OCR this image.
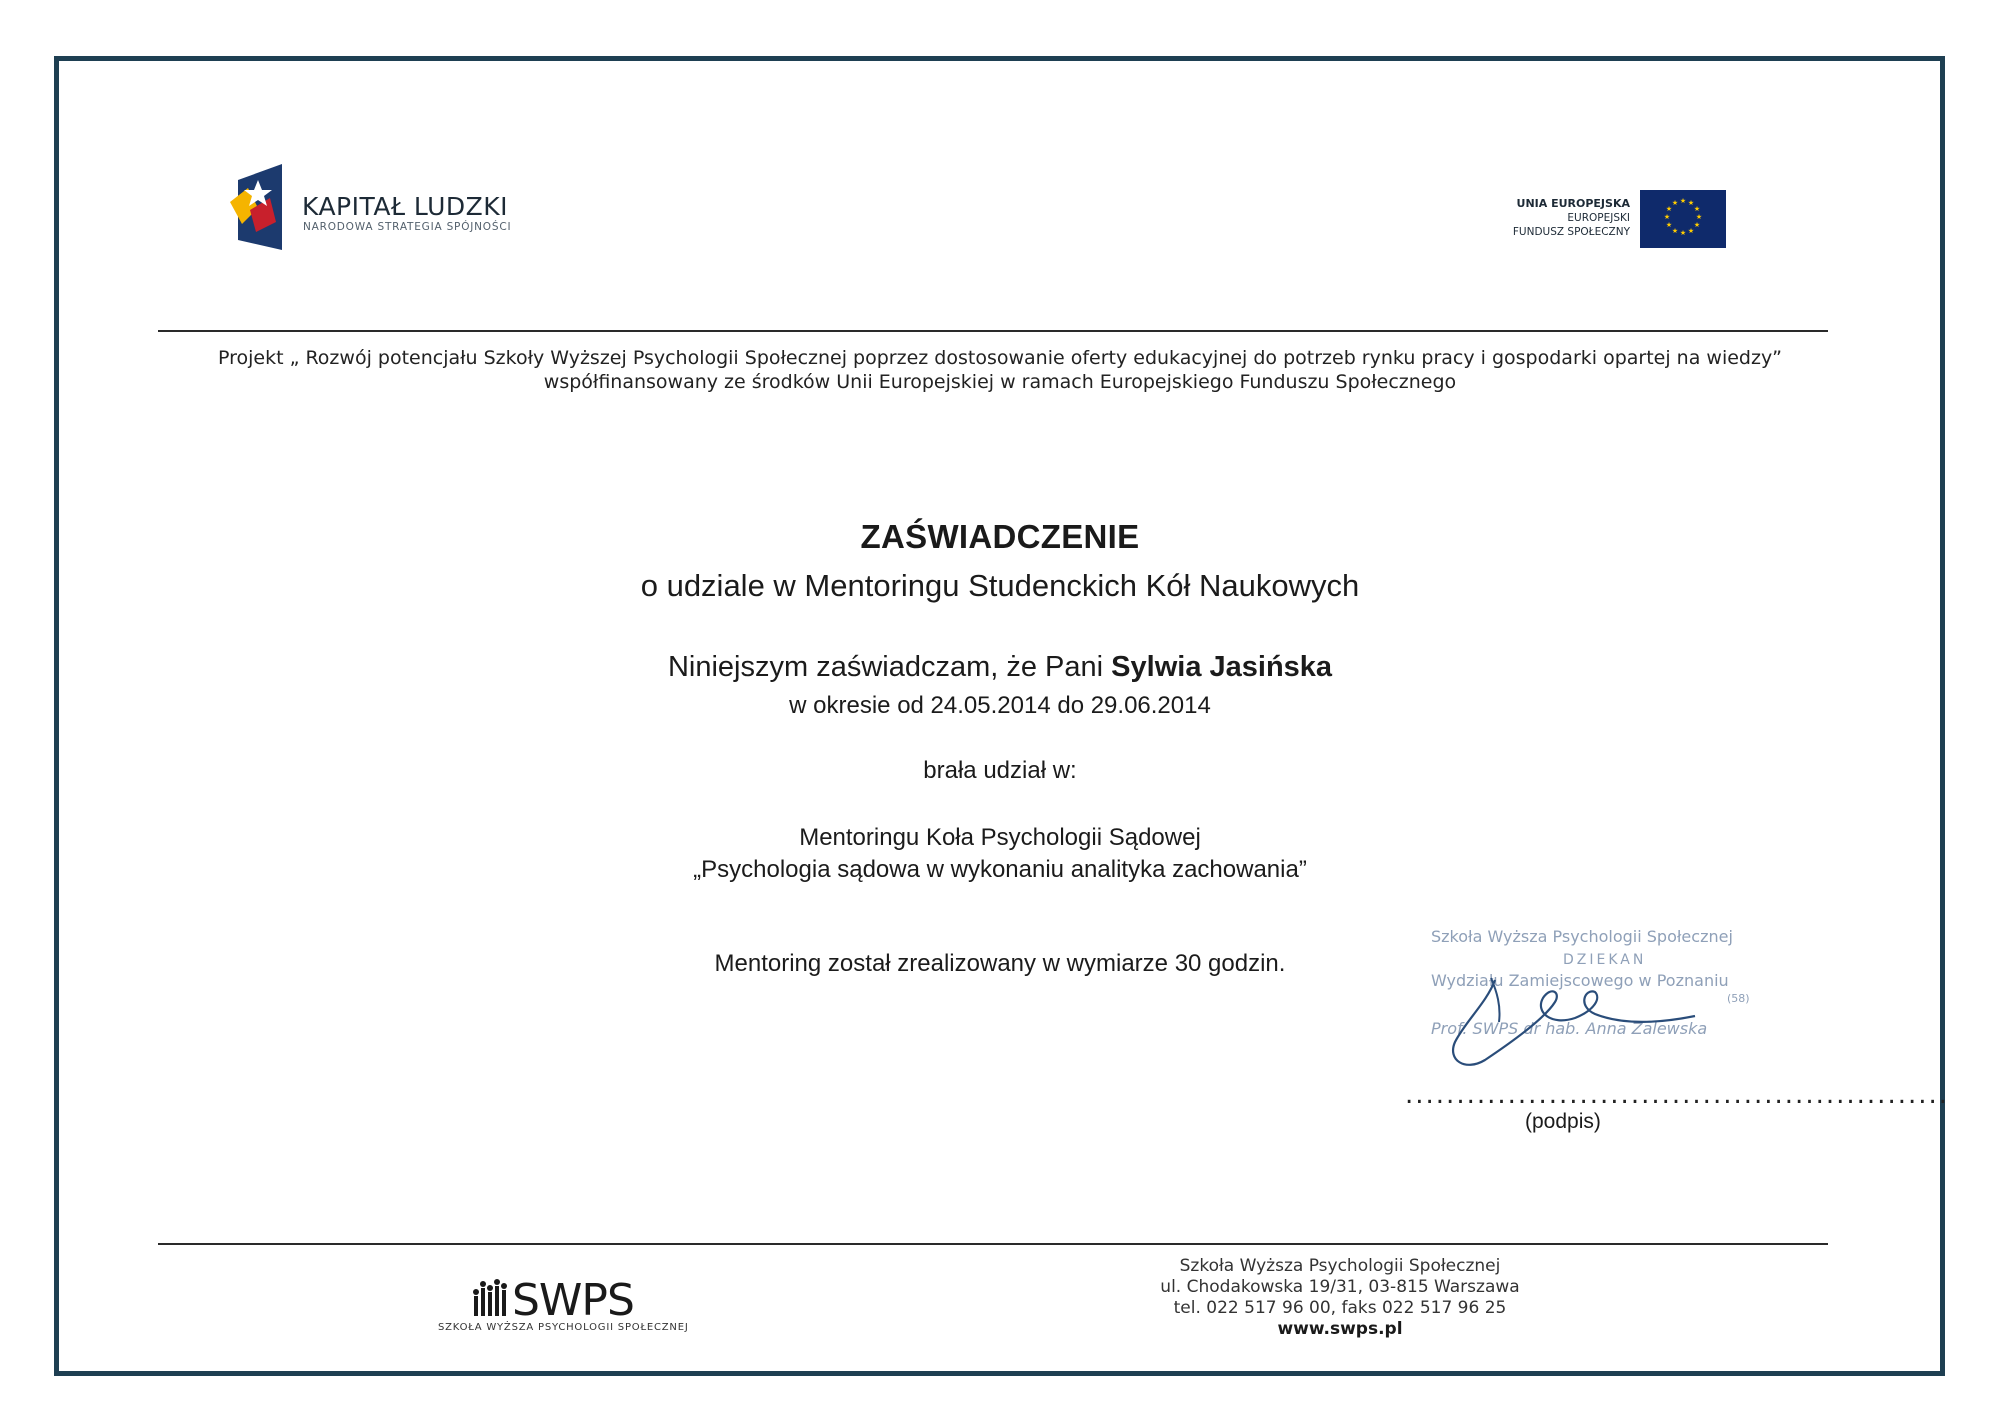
KAPITAŁ LUDZKI
NARODOWA STRATEGIA SPÓJNOŚCI
UNIA EUROPEJSKA
EUROPEJSKI
FUNDUSZ SPOŁECZNY
★ ★
★
★
★
★
★
★
★
★
★
★
Projekt „ Rozwój potencjału Szkoły Wyższej Psychologii Społecznej poprzez dostosowanie oferty edukacyjnej do potrzeb rynku pracy i gospodarki opartej na wiedzy”
współfinansowany ze środków Unii Europejskiej w ramach Europejskiego Funduszu Społecznego
ZAŚWIADCZENIE
o udziale w Mentoringu Studenckich Kół Naukowych
Niniejszym zaświadczam, że Pani Sylwia Jasińska
w okresie od 24.05.2014 do 29.06.2014
brała udział w:
Mentoringu Koła Psychologii Sądowej
„Psychologia sądowa w wykonaniu analityka zachowania”
Mentoring został zrealizowany w wymiarze 30 godzin.
Szkoła Wyższa Psychologii Społecznej
DZIEKAN
Wydziału Zamiejscowego w Poznaniu
(58)
Prof. SWPS dr hab. Anna Zalewska
.....................................................
(podpis)
SWPS
SZKOŁA WYŻSZA PSYCHOLOGII SPOŁECZNEJ
Szkoła Wyższa Psychologii Społecznej
ul. Chodakowska 19/31, 03-815 Warszawa
tel. 022 517 96 00, faks 022 517 96 25
www.swps.pl
